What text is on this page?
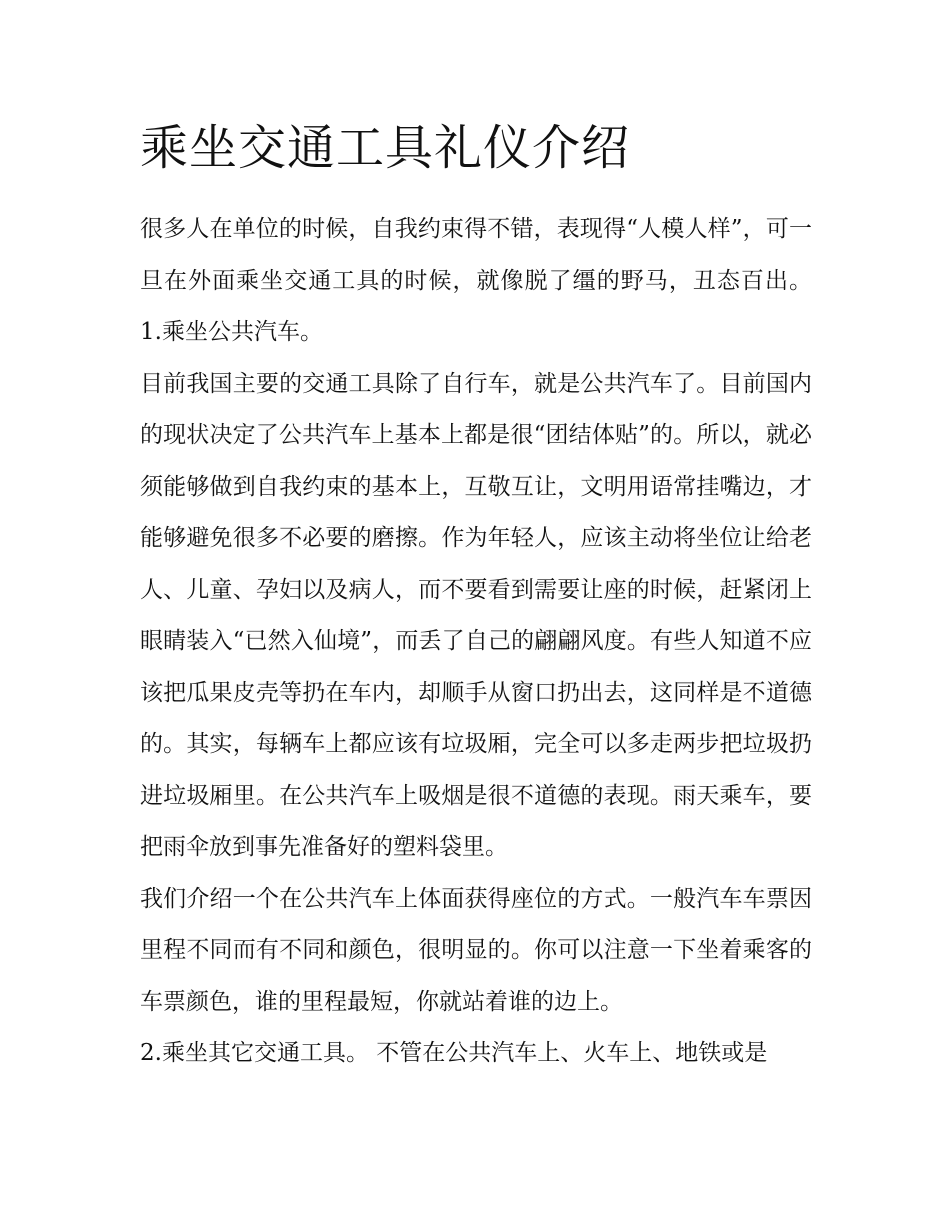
乘坐交通工具礼仪介绍

很多人在单位的时候，自我约束得不错，表现得“人模人样”，可一旦在外面乘坐交通工具的时候，就像脱了缰的野马，丑态百出。 1.乘坐公共汽车。

目前我国主要的交通工具除了自行车，就是公共汽车了。目前国内的现状决定了公共汽车上基本上都是很“团结体贴”的。所以，就必须能够做到自我约束的基本上，互敬互让，文明用语常挂嘴边，才能够避免很多不必要的磨擦。作为年轻人，应该主动将坐位让给老人、儿童、孕妇以及病人，而不要看到需要让座的时候，赶紧闭上眼睛装入“已然入仙境”，而丢了自己的翩翩风度。有些人知道不应该把瓜果皮壳等扔在车内，却顺手从窗口扔出去，这同样是不道德的。其实，每辆车上都应该有垃圾厢，完全可以多走两步把垃圾扔进垃圾厢里。在公共汽车上吸烟是很不道德的表现。雨天乘车，要把雨伞放到事先准备好的塑料袋里。

我们介绍一个在公共汽车上体面获得座位的方式。一般汽车车票因里程不同而有不同和颜色，很明显的。你可以注意一下坐着乘客的车票颜色，谁的里程最短，你就站着谁的边上。

2.乘坐其它交通工具。 不管在公共汽车上、火车上、地铁或是
